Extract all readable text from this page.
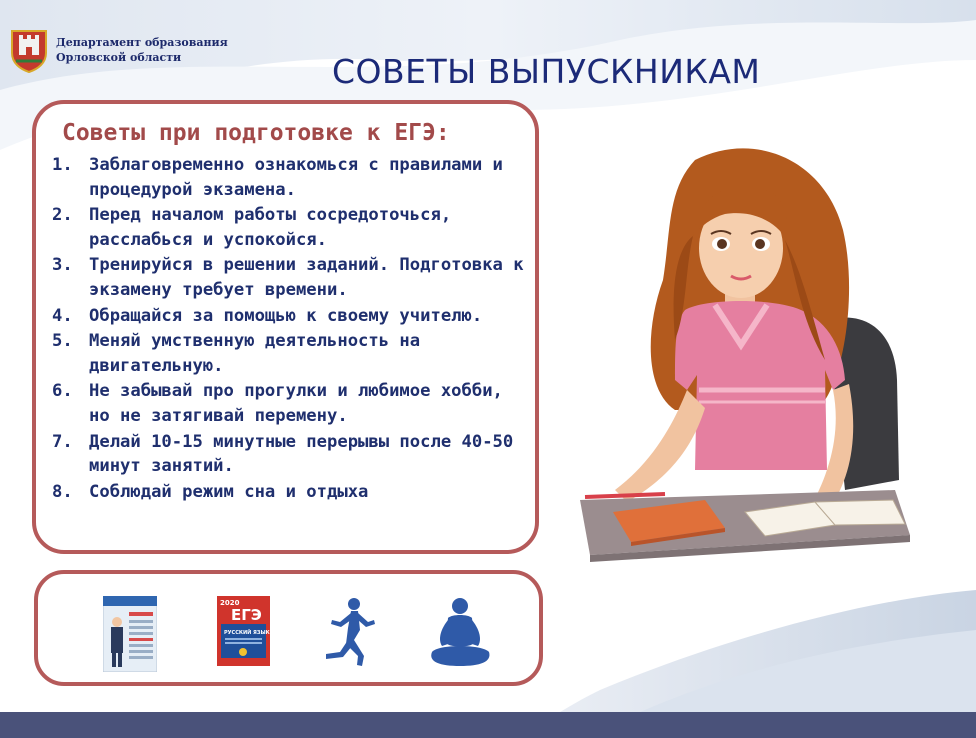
Департамент образования
Орловской области	СОВЕТЫ ВЫПУСКНИКАМ
Советы при подготовке к ЕГЭ:
1. Заблаговременно ознакомься с правилами и процедурой экзамена.
2. Перед началом работы сосредоточься, расслабься и успокойся.
3. Тренируйся в решении заданий. Подготовка к экзамену требует времени.
4. Обращайся за помощью к своему учителю.
5. Меняй умственную деятельность на двигательную.
6. Не забывай про прогулки и любимое хобби, но не затягивай перемену.
7. Делай 10-15 минутные перерывы после 40-50 минут занятий.
8. Соблюдай режим сна и отдыха
2020
ЕГЭ
РУССКИЙ ЯЗЫК
